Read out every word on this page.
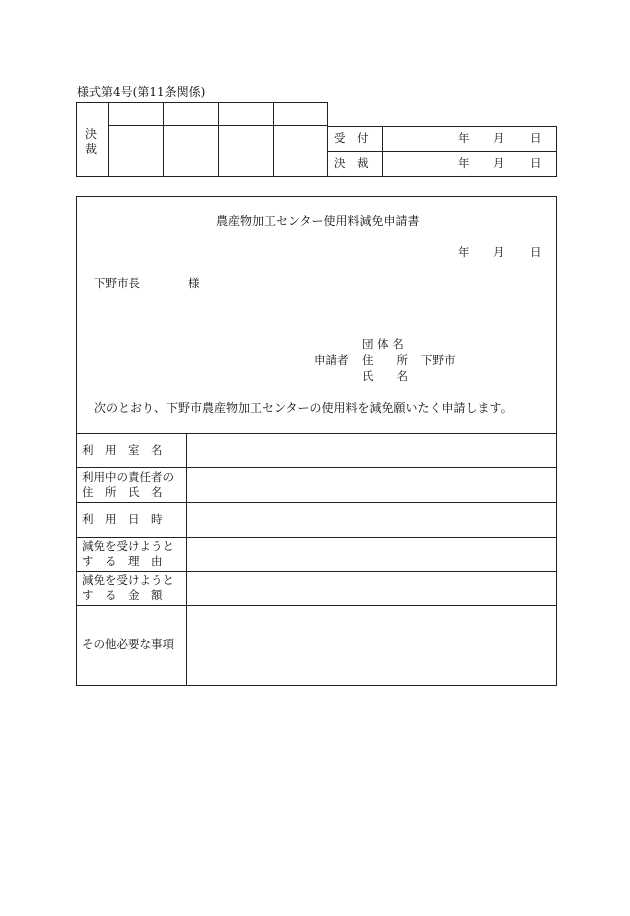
様式第4号(第11条関係)
決
裁
受　付	年 月 日
決　裁	年 月 日
農産物加工センター使用料減免申請書
年 月 日
下野市長	様
申請者
団 体 名
住　　所 下野市
氏　　名
次のとおり、下野市農産物加工センターの使用料を減免願いたく申請します。
利　用　室　名
利用中の責任者の
住　所　氏　名
利　用　日　時
減免を受けようと
す　る　理　由
減免を受けようと
す　る　金　額
その他必要な事項
